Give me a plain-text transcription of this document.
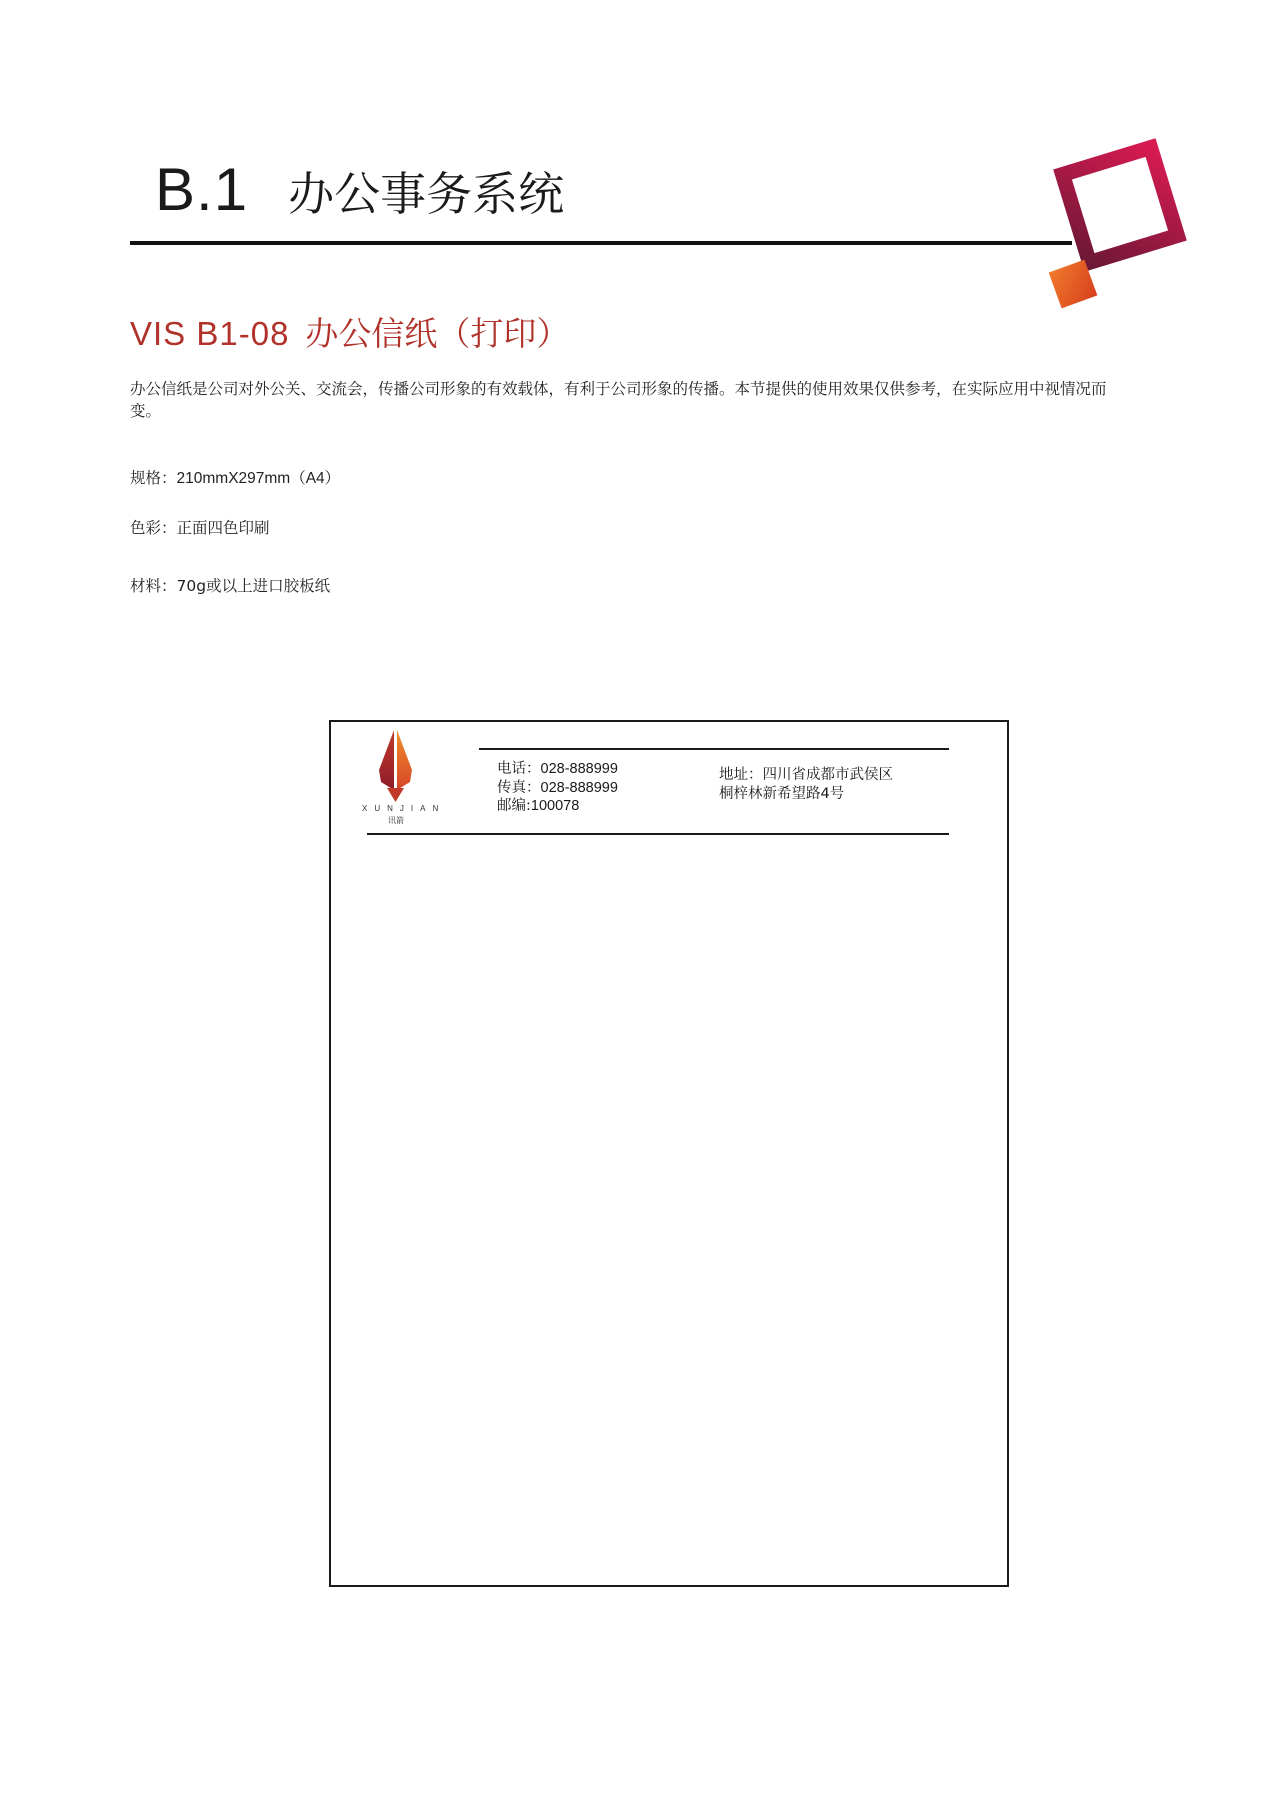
B.1 办公事务系统
VIS B1-08 办公信纸（打印）
办公信纸是公司对外公关、交流会，传播公司形象的有效载体，有利于公司形象的传播。本节提供的使用效果仅供参考，在实际应用中视情况而变。
规格：210mmX297mm（A4）
色彩：正面四色印刷
材料：70g或以上进口胶板纸
XUNJIAN
讯箭
电话：028-888999
传真：028-888999
邮编:100078
地址：四川省成都市武侯区
桐梓林新希望路4号
